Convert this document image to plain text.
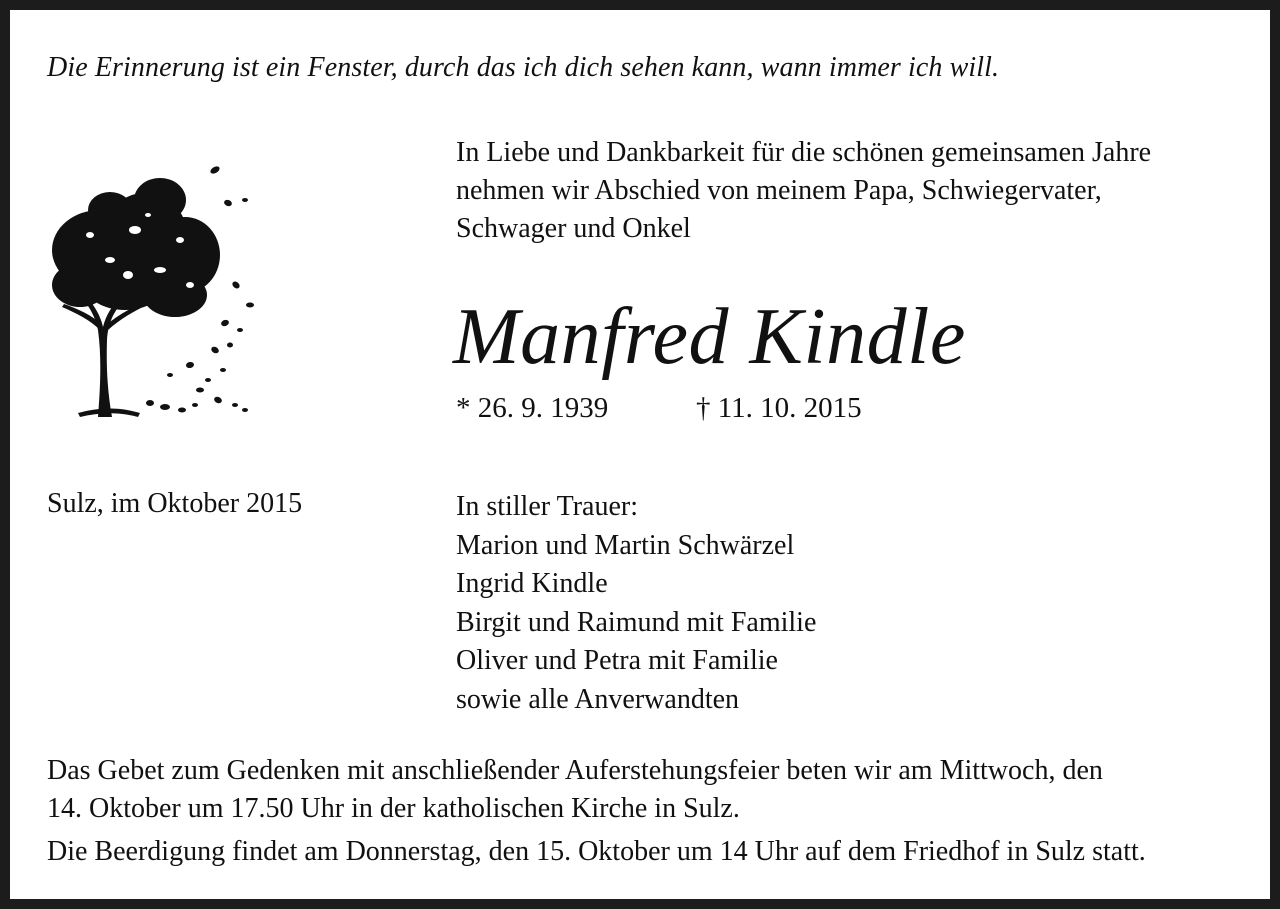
Die Erinnerung ist ein Fenster, durch das ich dich sehen kann, wann immer ich will.
In Liebe und Dankbarkeit für die schönen gemeinsamen Jahre
nehmen wir Abschied von meinem Papa, Schwiegervater,
Schwager und Onkel
Manfred Kindle
* 26. 9. 1939	† 11. 10. 2015
Sulz, im Oktober 2015	In stiller Trauer:
Marion und Martin Schwärzel
Ingrid Kindle
Birgit und Raimund mit Familie
Oliver und Petra mit Familie
sowie alle Anverwandten
Das Gebet zum Gedenken mit anschließender Auferstehungsfeier beten wir am Mittwoch, den
14. Oktober um 17.50 Uhr in der katholischen Kirche in Sulz.
Die Beerdigung findet am Donnerstag, den 15. Oktober um 14 Uhr auf dem Friedhof in Sulz statt.
